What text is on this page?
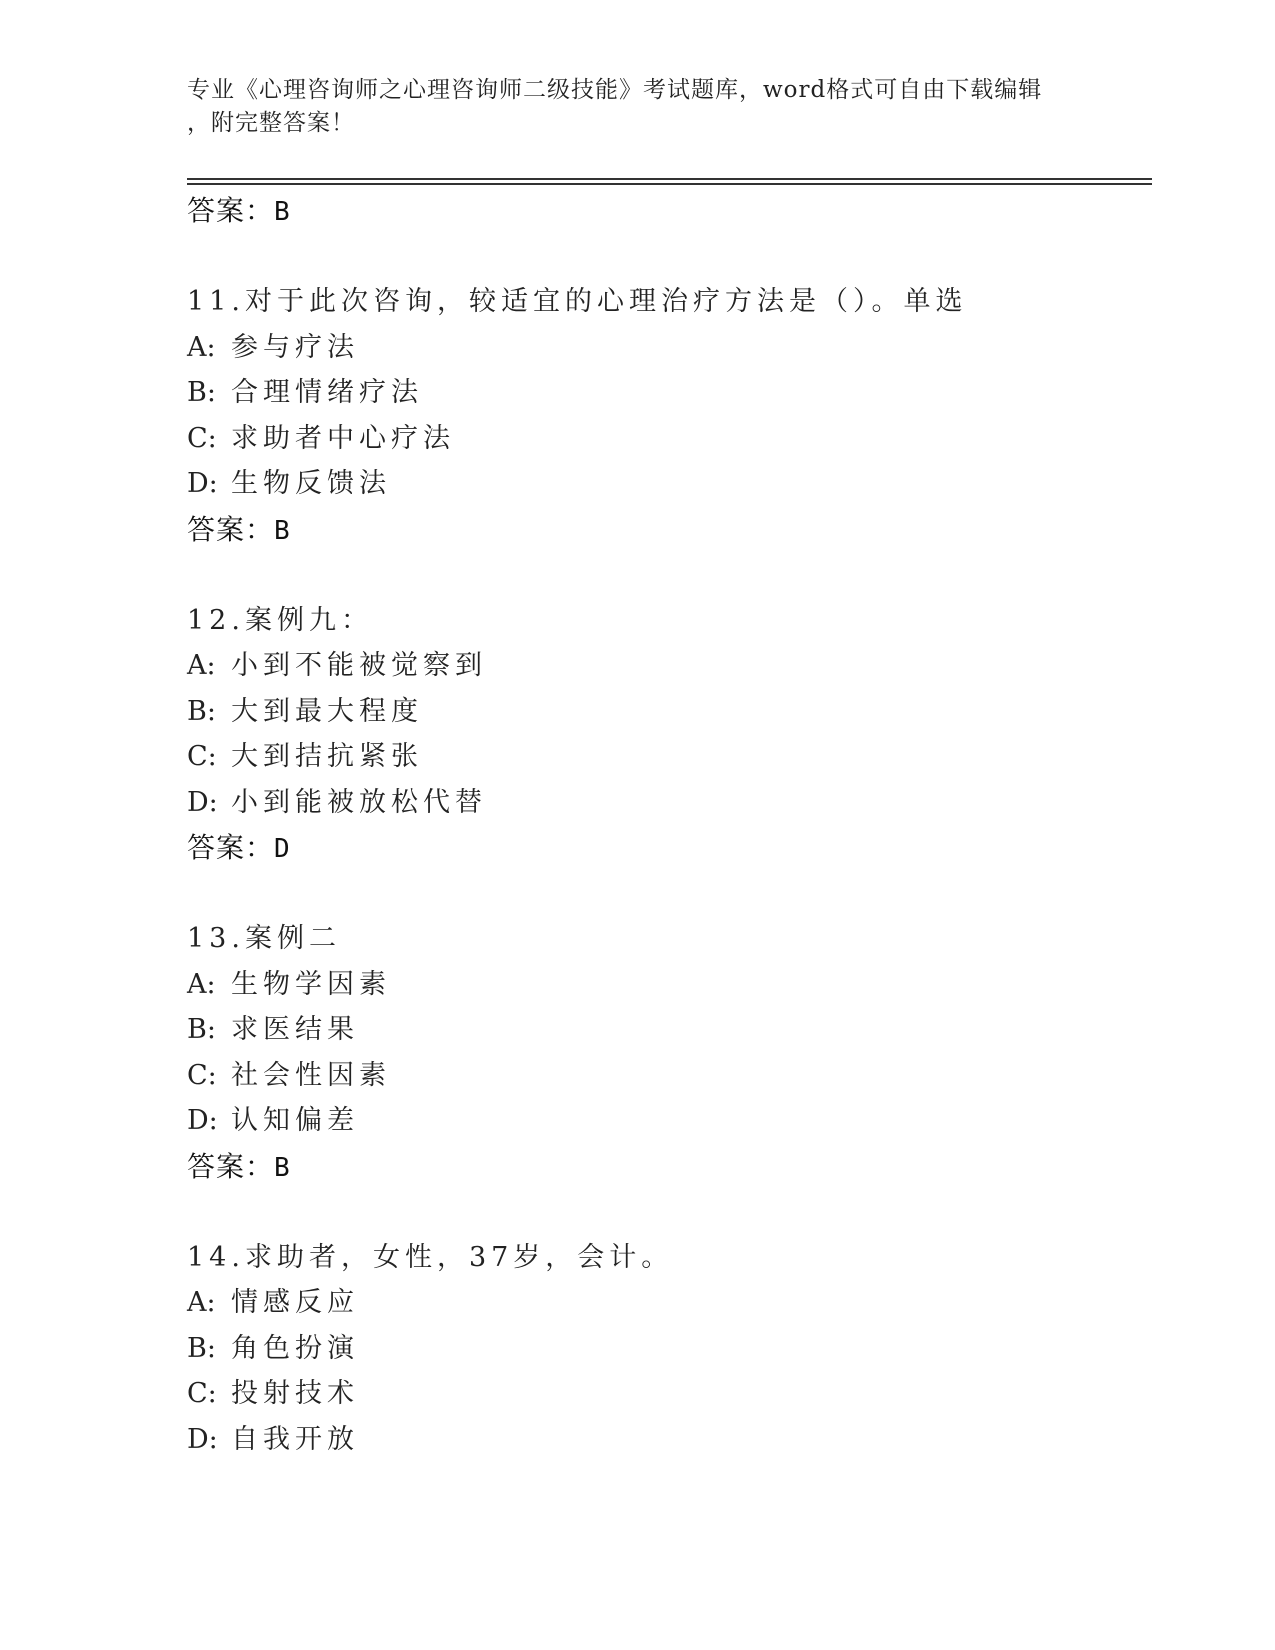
专业《心理咨询师之心理咨询师二级技能》考试题库，word格式可自由下载编辑
，附完整答案！
答案：B
11.对于此次咨询，较适宜的心理治疗方法是（）。单选
A: 参与疗法
B: 合理情绪疗法
C: 求助者中心疗法
D: 生物反馈法
答案：B
12.案例九：
A: 小到不能被觉察到
B: 大到最大程度
C: 大到拮抗紧张
D: 小到能被放松代替
答案：D
13.案例二
A: 生物学因素
B: 求医结果
C: 社会性因素
D: 认知偏差
答案：B
14.求助者，女性，37岁，会计。
A: 情感反应
B: 角色扮演
C: 投射技术
D: 自我开放
